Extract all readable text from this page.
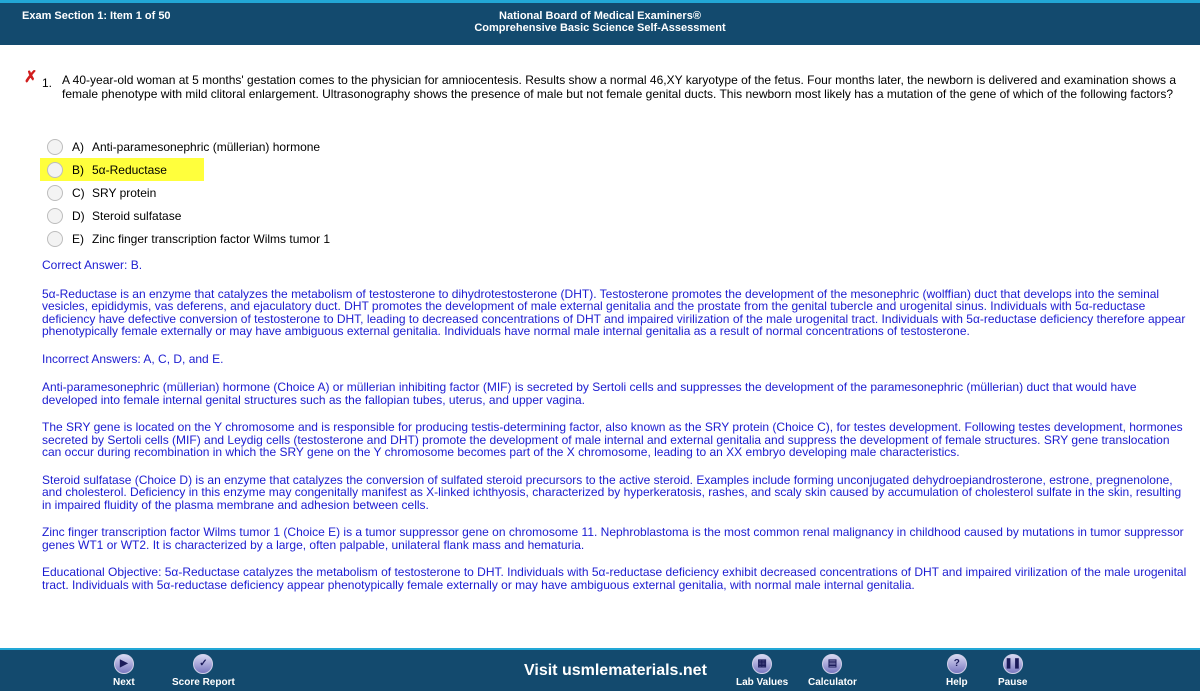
Exam Section 1: Item 1 of 50	National Board of Medical Examiners®
Comprehensive Basic Science Self-Assessment
✗ 1. A 40-year-old woman at 5 months' gestation comes to the physician for amniocentesis. Results show a normal 46,XY karyotype of the fetus. Four months later, the newborn is delivered and examination shows a female phenotype with mild clitoral enlargement. Ultrasonography shows the presence of male but not female genital ducts. This newborn most likely has a mutation of the gene of which of the following factors?
A) Anti-paramesonephric (müllerian) hormone
B) 5α-Reductase
C) SRY protein
D) Steroid sulfatase
E) Zinc finger transcription factor Wilms tumor 1

Correct Answer: B.

5α-Reductase is an enzyme that catalyzes the metabolism of testosterone to dihydrotestosterone (DHT). Testosterone promotes the development of the mesonephric (wolffian) duct that develops into the seminal vesicles, epididymis, vas deferens, and ejaculatory duct. DHT promotes the development of male external genitalia and the prostate from the genital tubercle and urogenital sinus. Individuals with 5α-reductase deficiency have defective conversion of testosterone to DHT, leading to decreased concentrations of DHT and impaired virilization of the male urogenital tract. Individuals with 5α-reductase deficiency therefore appear phenotypically female externally or may have ambiguous external genitalia. Individuals have normal male internal genitalia as a result of normal concentrations of testosterone.

Incorrect Answers: A, C, D, and E.

Anti-paramesonephric (müllerian) hormone (Choice A) or müllerian inhibiting factor (MIF) is secreted by Sertoli cells and suppresses the development of the paramesonephric (müllerian) duct that would have developed into female internal genital structures such as the fallopian tubes, uterus, and upper vagina.

The SRY gene is located on the Y chromosome and is responsible for producing testis-determining factor, also known as the SRY protein (Choice C), for testes development. Following testes development, hormones secreted by Sertoli cells (MIF) and Leydig cells (testosterone and DHT) promote the development of male internal and external genitalia and suppress the development of female structures. SRY gene translocation can occur during recombination in which the SRY gene on the Y chromosome becomes part of the X chromosome, leading to an XX embryo developing male characteristics.

Steroid sulfatase (Choice D) is an enzyme that catalyzes the conversion of sulfated steroid precursors to the active steroid. Examples include forming unconjugated dehydroepiandrosterone, estrone, pregnenolone, and cholesterol. Deficiency in this enzyme may congenitally manifest as X-linked ichthyosis, characterized by hyperkeratosis, rashes, and scaly skin caused by accumulation of cholesterol sulfate in the skin, resulting in impaired fluidity of the plasma membrane and adhesion between cells.

Zinc finger transcription factor Wilms tumor 1 (Choice E) is a tumor suppressor gene on chromosome 11. Nephroblastoma is the most common renal malignancy in childhood caused by mutations in tumor suppressor genes WT1 or WT2. It is characterized by a large, often palpable, unilateral flank mass and hematuria.

Educational Objective: 5α-Reductase catalyzes the metabolism of testosterone to DHT. Individuals with 5α-reductase deficiency exhibit decreased concentrations of DHT and impaired virilization of the male urogenital tract. Individuals with 5α-reductase deficiency appear phenotypically female externally or may have ambiguous external genitalia, with normal male internal genitalia.

▶
Next
✓
Score Report
Visit usmlematerials.net	▦
Lab Values
▤
Calculator
?
Help
❚❚
Pause
